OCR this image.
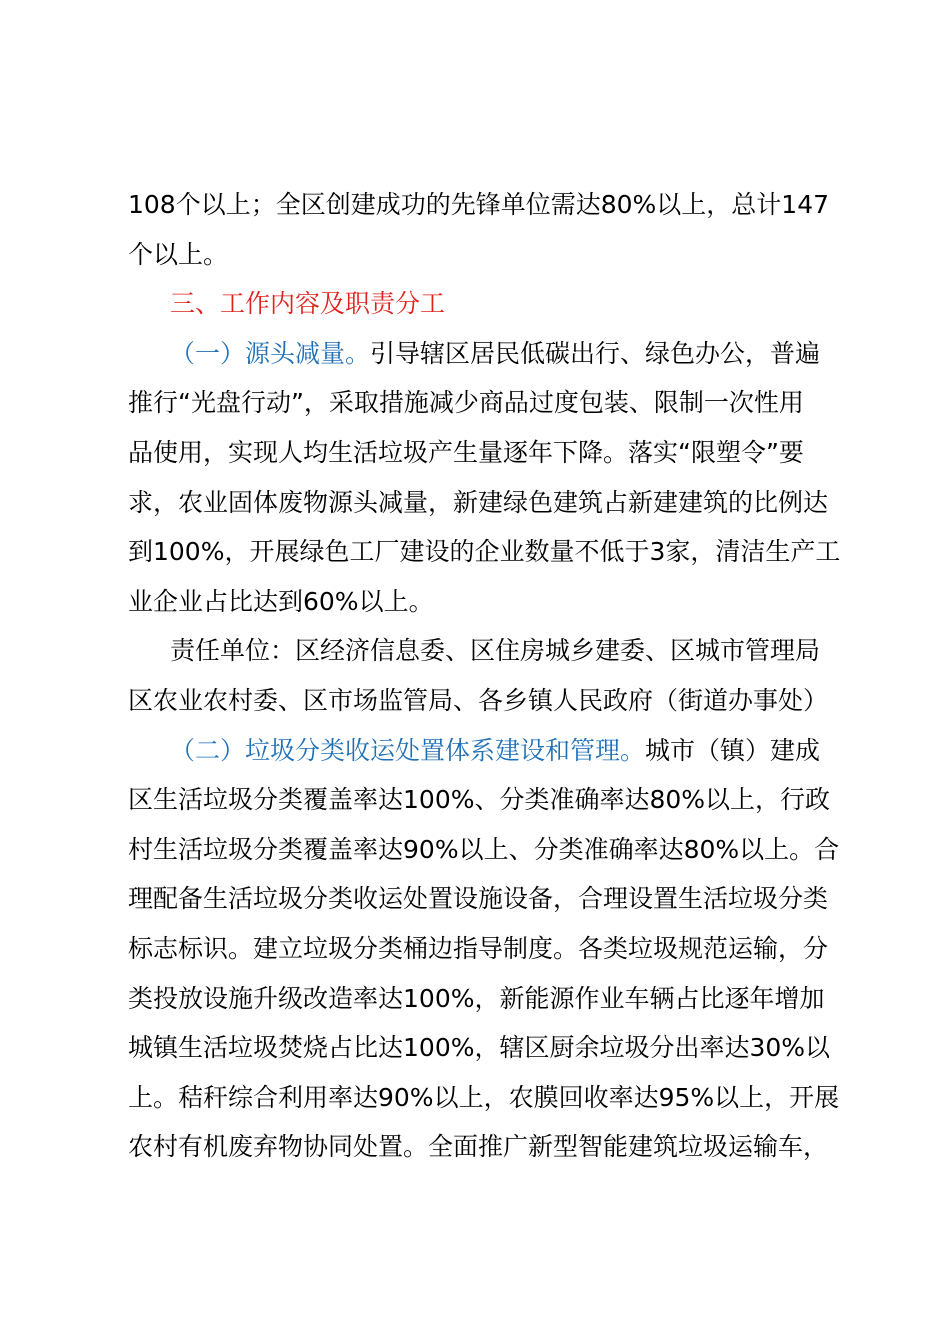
108个以上；全区创建成功的先锋单位需达80%以上，总计147
个以上。
三、工作内容及职责分工
（一）源头减量。引导辖区居民低碳出行、绿色办公，普遍
推行“光盘行动”，采取措施减少商品过度包装、限制一次性用
品使用，实现人均生活垃圾产生量逐年下降。落实“限塑令”要
求，农业固体废物源头减量，新建绿色建筑占新建建筑的比例达
到100%，开展绿色工厂建设的企业数量不低于3家，清洁生产工
业企业占比达到60%以上。
责任单位：区经济信息委、区住房城乡建委、区城市管理局
区农业农村委、区市场监管局、各乡镇人民政府（街道办事处）
（二）垃圾分类收运处置体系建设和管理。城市（镇）建成
区生活垃圾分类覆盖率达100%、分类准确率达80%以上，行政
村生活垃圾分类覆盖率达90%以上、分类准确率达80%以上。合
理配备生活垃圾分类收运处置设施设备，合理设置生活垃圾分类
标志标识。建立垃圾分类桶边指导制度。各类垃圾规范运输，分
类投放设施升级改造率达100%，新能源作业车辆占比逐年增加
城镇生活垃圾焚烧占比达100%，辖区厨余垃圾分出率达30%以
上。秸秆综合利用率达90%以上，农膜回收率达95%以上，开展
农村有机废弃物协同处置。全面推广新型智能建筑垃圾运输车，
